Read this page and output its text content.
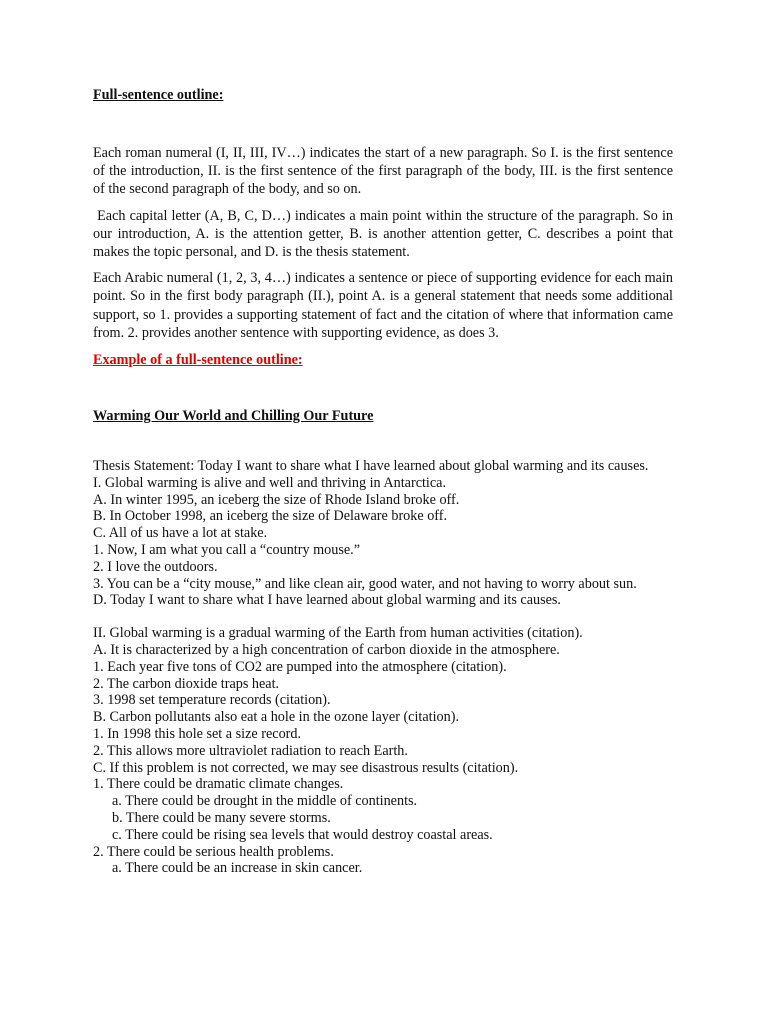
Full-sentence outline:

Each roman numeral (I, II, III, IV…) indicates the start of a new paragraph. So I. is the first sentence of the introduction, II. is the first sentence of the first paragraph of the body, III. is the first sentence of the second paragraph of the body, and so on.

Each capital letter (A, B, C, D…) indicates a main point within the structure of the paragraph. So in our introduction, A. is the attention getter, B. is another attention getter, C. describes a point that makes the topic personal, and D. is the thesis statement.

Each Arabic numeral (1, 2, 3, 4…) indicates a sentence or piece of supporting evidence for each main point. So in the first body paragraph (II.), point A. is a general statement that needs some additional support, so 1. provides a supporting statement of fact and the citation of where that information came from. 2. provides another sentence with supporting evidence, as does 3.

Example of a full-sentence outline:

Warming Our World and Chilling Our Future

Thesis Statement: Today I want to share what I have learned about global warming and its causes.

I. Global warming is alive and well and thriving in Antarctica.

A. In winter 1995, an iceberg the size of Rhode Island broke off.

B. In October 1998, an iceberg the size of Delaware broke off.

C. All of us have a lot at stake.

1. Now, I am what you call a “country mouse.”

2. I love the outdoors.

3. You can be a “city mouse,” and like clean air, good water, and not having to worry about sun.

D. Today I want to share what I have learned about global warming and its causes.

II. Global warming is a gradual warming of the Earth from human activities (citation).

A. It is characterized by a high concentration of carbon dioxide in the atmosphere.

1. Each year five tons of CO2 are pumped into the atmosphere (citation).

2. The carbon dioxide traps heat.

3. 1998 set temperature records (citation).

B. Carbon pollutants also eat a hole in the ozone layer (citation).

1. In 1998 this hole set a size record.

2. This allows more ultraviolet radiation to reach Earth.

C. If this problem is not corrected, we may see disastrous results (citation).

1. There could be dramatic climate changes.

a. There could be drought in the middle of continents.

b. There could be many severe storms.

c. There could be rising sea levels that would destroy coastal areas.

2. There could be serious health problems.

a. There could be an increase in skin cancer.
